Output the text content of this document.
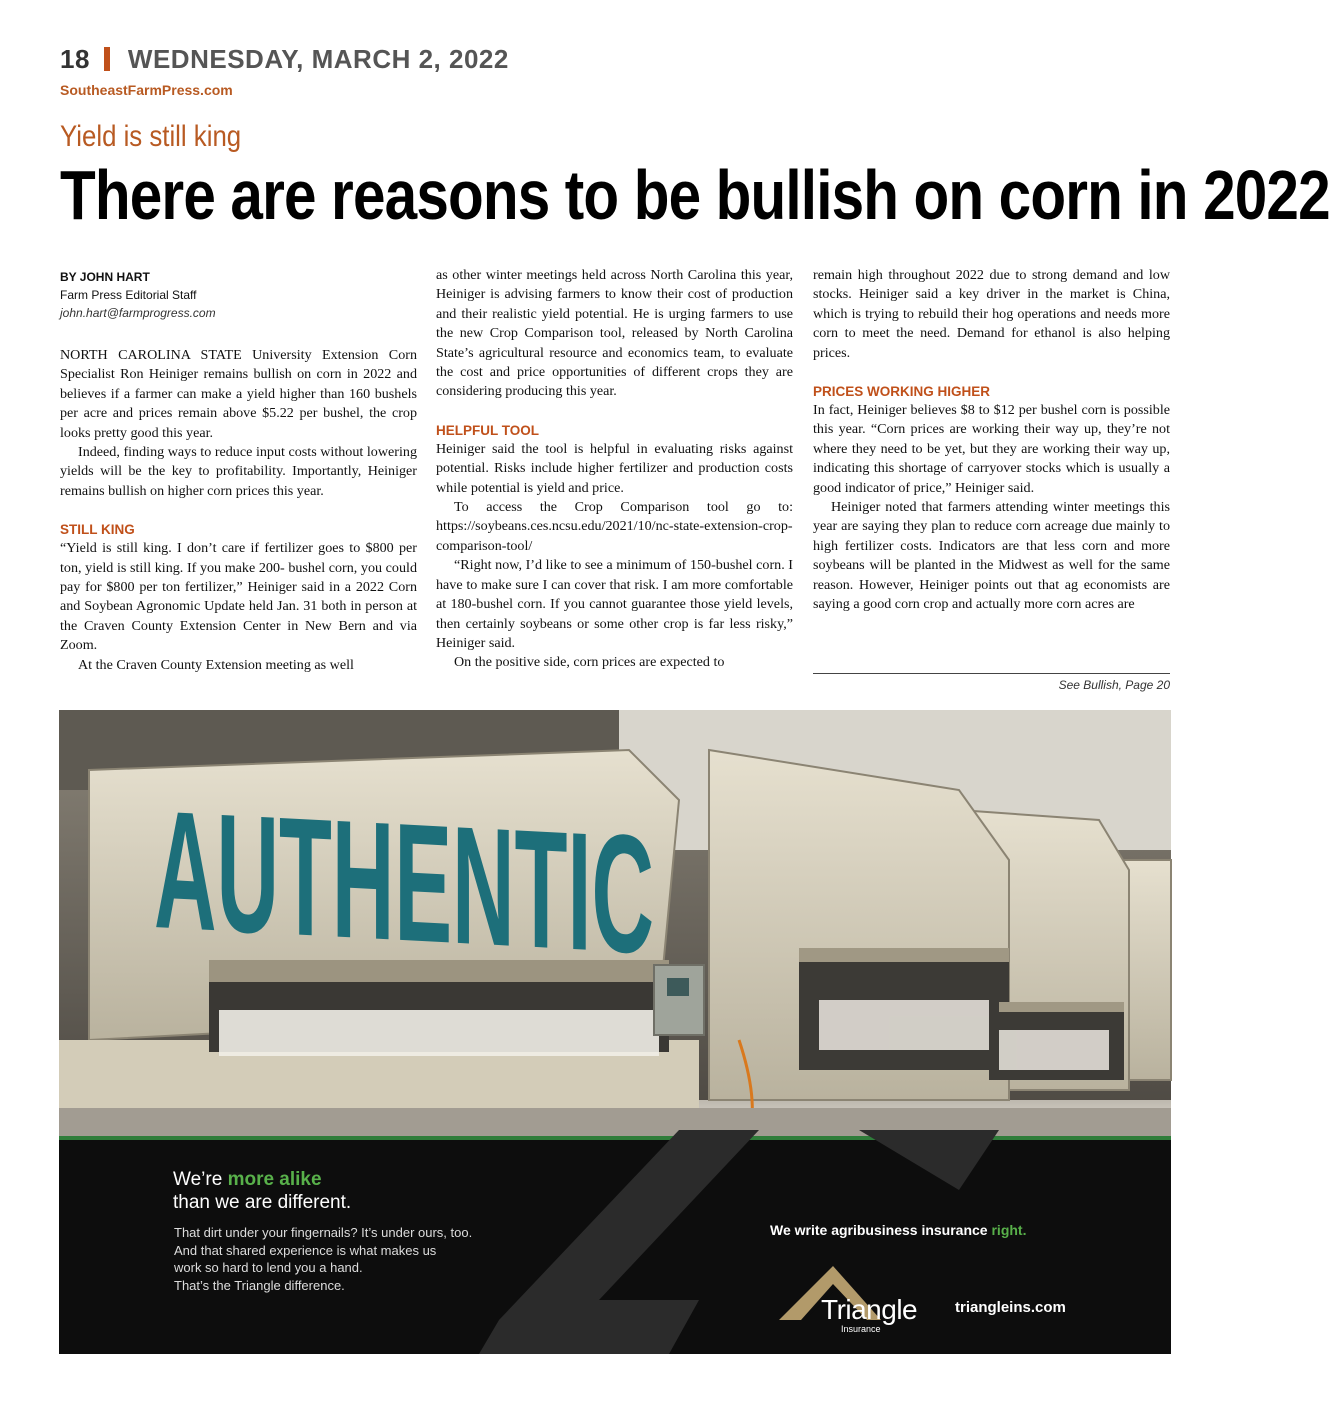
18 WEDNESDAY, MARCH 2, 2022
SoutheastFarmPress.com
Yield is still king
There are reasons to be bullish on corn in 2022
BY JOHN HART
Farm Press Editorial Staff
john.hart@farmprogress.com

NORTH CAROLINA STATE University Extension Corn Specialist Ron Heiniger remains bullish on corn in 2022 and believes if a farmer can make a yield higher than 160 bushels per acre and prices remain above $5.22 per bushel, the crop looks pretty good this year.

Indeed, finding ways to reduce input costs without lowering yields will be the key to profitability. Importantly, Heiniger remains bullish on higher corn prices this year.

STILL KING

“Yield is still king. I don’t care if fertilizer goes to $800 per ton, yield is still king. If you make 200- bushel corn, you could pay for $800 per ton fertilizer,” Heiniger said in a 2022 Corn and Soybean Agronomic Update held Jan. 31 both in person at the Craven County Extension Center in New Bern and via Zoom.

At the Craven County Extension meeting as well

as other winter meetings held across North Carolina this year, Heiniger is advising farmers to know their cost of production and their realistic yield potential. He is urging farmers to use the new Crop Comparison tool, released by North Carolina State’s agricultural resource and economics team, to evaluate the cost and price opportunities of different crops they are considering producing this year.

HELPFUL TOOL

Heiniger said the tool is helpful in evaluating risks against potential. Risks include higher fertilizer and production costs while potential is yield and price.

To access the Crop Comparison tool go to: https://soybeans.ces.ncsu.edu/2021/10/nc-state-extension-crop-comparison-tool/

“Right now, I’d like to see a minimum of 150-bushel corn. I have to make sure I can cover that risk. I am more comfortable at 180-bushel corn. If you cannot guarantee those yield levels, then certainly soybeans or some other crop is far less risky,” Heiniger said.

On the positive side, corn prices are expected to

remain high throughout 2022 due to strong demand and low stocks. Heiniger said a key driver in the market is China, which is trying to rebuild their hog operations and needs more corn to meet the need. Demand for ethanol is also helping prices.

PRICES WORKING HIGHER

In fact, Heiniger believes $8 to $12 per bushel corn is possible this year. “Corn prices are working their way up, they’re not where they need to be yet, but they are working their way up, indicating this shortage of carryover stocks which is usually a good indicator of price,” Heiniger said.

Heiniger noted that farmers attending winter meetings this year are saying they plan to reduce corn acreage due mainly to high fertilizer costs. Indicators are that less corn and more soybeans will be planted in the Midwest as well for the same reason. However, Heiniger points out that ag economists are saying a good corn crop and actually more corn acres are

See Bullish, Page 20
AUTHENTIC
We’re more alike
than we are different.
That dirt under your fingernails? It’s under ours, too.
And that shared experience is what makes us
work so hard to lend you a hand.
That’s the Triangle difference.
We write agribusiness insurance right.
Triangle
Insurance
triangleins.com
